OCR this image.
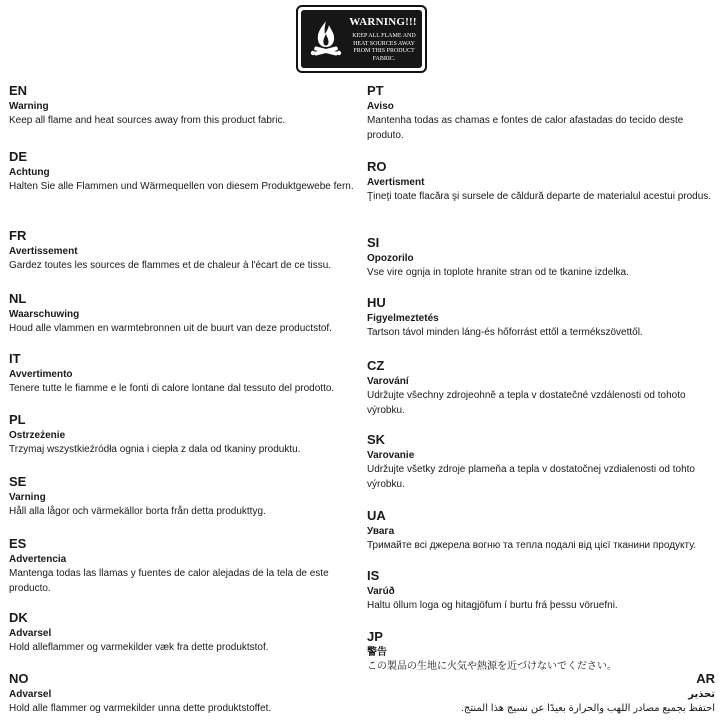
WARNING!!!
KEEP ALL FLAME AND HEAT SOURCES AWAY FROM THIS PRODUCT FABRIC.
EN
Warning
Keep all flame and heat sources away from this product fabric.
DE
Achtung
Halten Sie alle Flammen und Wärmequellen von diesem Produktgewebe fern.
FR
Avertissement
Gardez toutes les sources de flammes et de chaleur à l'écart de ce tissu.
NL
Waarschuwing
Houd alle vlammen en warmtebronnen uit de buurt van deze productstof.
IT
Avvertimento
Tenere tutte le fiamme e le fonti di calore lontane dal tessuto del prodotto.
PL
Ostrzeżenie
Trzymaj wszystkieźródła ognia i ciepła z dala od tkaniny produktu.
SE
Varning
Håll alla lågor och värmekällor borta från detta produkttyg.
ES
Advertencia
Mantenga todas las llamas y fuentes de calor alejadas de la tela de este producto.
DK
Advarsel
Hold alleflammer og varmekilder væk fra dette produktstof.
NO
Advarsel
Hold alle flammer og varmekilder unna dette produktstoffet.
PT
Aviso
Mantenha todas as chamas e fontes de calor afastadas do tecido deste produto.
RO
Avertisment
Ţineţi toate flacăra şi sursele de căldură departe de materialul acestui produs.
SI
Opozorilo
Vse vire ognja in toplote hranite stran od te tkanine izdelka.
HU
Figyelmeztetés
Tartson távol minden láng-és hőforrást ettől a termékszövettől.
CZ
Varování
Udržujte všechny zdrojeohně a tepla v dostatečné vzdálenosti od tohoto výrobku.
SK
Varovanie
Udržujte všetky zdroje plameňa a tepla v dostatočnej vzdialenosti od tohto výrobku.
UA
Увага
Тримайте всі джерела вогню та тепла подалі від цієї тканини продукту.
IS
Varúð
Haltu öllum loga og hitagjöfum í burtu frá þessu vöruefni.
JP
警告
この製品の生地に火気や熱源を近づけないでください。
AR
تحذير
احتفظ بجميع مصادر اللهب والحرارة بعيدًا عن نسيج هذا المنتج.
